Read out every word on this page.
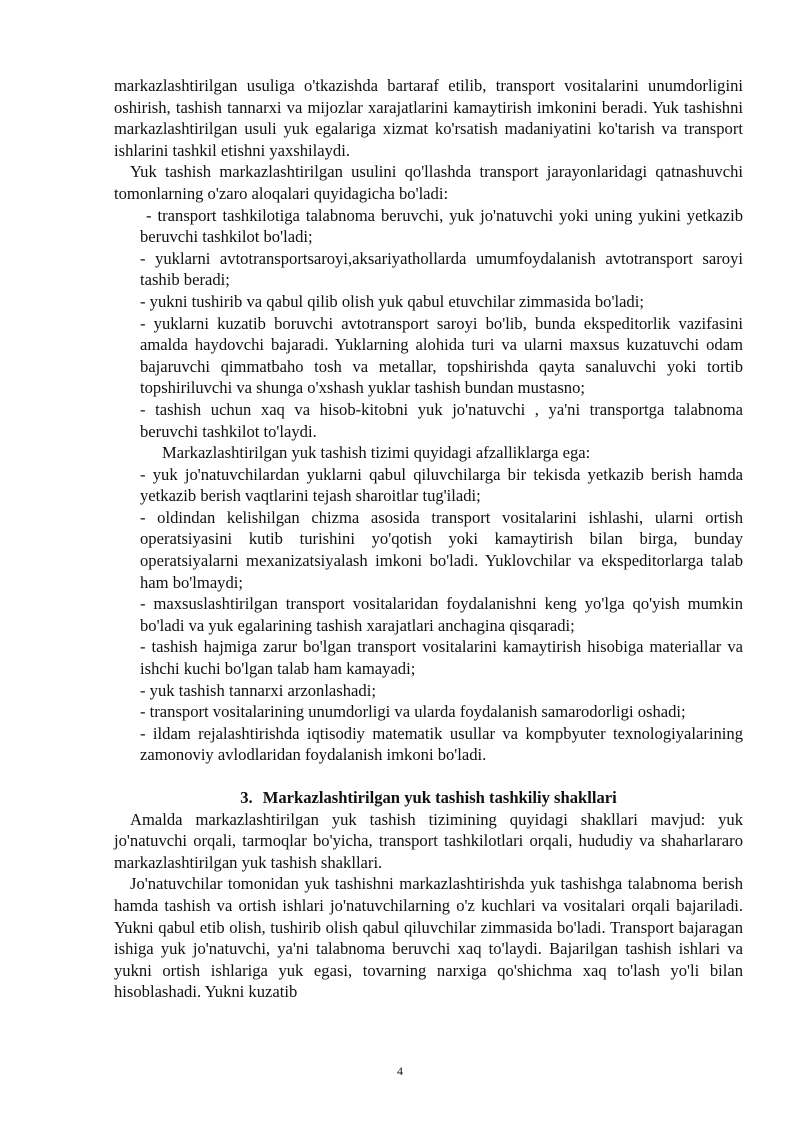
markazlashtirilgan usuliga o'tkazishda bartaraf etilib, transport vositalarini unumdorligini oshirish, tashish tannarxi va mijozlar xarajatlarini kamaytirish imkonini beradi. Yuk tashishni markazlashtirilgan usuli yuk egalariga xizmat ko'rsatish madaniyatini ko'tarish va transport ishlarini tashkil etishni yaxshilaydi.

Yuk tashish markazlashtirilgan usulini qo'llashda transport jarayonlaridagi qatnashuvchi tomonlarning o'zaro aloqalari quyidagicha bo'ladi:

- transport tashkilotiga talabnoma beruvchi, yuk jo'natuvchi yoki uning yukini yetkazib beruvchi tashkilot bo'ladi;

- yuklarni avtotransportsaroyi,aksariyathollarda umumfoydalanish avtotransport saroyi tashib beradi;

- yukni tushirib va qabul qilib olish yuk qabul etuvchilar zimmasida bo'ladi;

- yuklarni kuzatib boruvchi avtotransport saroyi bo'lib, bunda ekspeditorlik vazifasini amalda haydovchi bajaradi. Yuklarning alohida turi va ularni maxsus kuzatuvchi odam bajaruvchi qimmatbaho tosh va metallar, topshirishda qayta sanaluvchi yoki tortib topshiriluvchi va shunga o'xshash yuklar tashish bundan mustasno;

- tashish uchun xaq va hisob-kitobni yuk jo'natuvchi , ya'ni transportga talabnoma beruvchi tashkilot to'laydi.

Markazlashtirilgan yuk tashish tizimi quyidagi afzalliklarga ega:

- yuk jo'natuvchilardan yuklarni qabul qiluvchilarga bir tekisda yetkazib berish hamda yetkazib berish vaqtlarini tejash sharoitlar tug'iladi;

- oldindan kelishilgan chizma asosida transport vositalarini ishlashi, ularni ortish operatsiyasini kutib turishini yo'qotish yoki kamaytirish bilan birga, bunday operatsiyalarni mexanizatsiyalash imkoni bo'ladi. Yuklovchilar va ekspeditorlarga talab ham bo'lmaydi;

- maxsuslashtirilgan transport vositalaridan foydalanishni keng yo'lga qo'yish mumkin bo'ladi va yuk egalarining tashish xarajatlari anchagina qisqaradi;

- tashish hajmiga zarur bo'lgan transport vositalarini kamaytirish hisobiga materiallar va ishchi kuchi bo'lgan talab ham kamayadi;

- yuk tashish tannarxi arzonlashadi;

- transport vositalarining unumdorligi va ularda foydalanish samarodorligi oshadi;

- ildam rejalashtirishda iqtisodiy matematik usullar va kompbyuter texnologiyalarining zamonoviy avlodlaridan foydalanish imkoni bo'ladi.

3. Markazlashtirilgan yuk tashish tashkiliy shakllari

Amalda markazlashtirilgan yuk tashish tizimining quyidagi shakllari mavjud: yuk jo'natuvchi orqali, tarmoqlar bo'yicha, transport tashkilotlari orqali, hududiy va shaharlararo markazlashtirilgan yuk tashish shakllari.

Jo'natuvchilar tomonidan yuk tashishni markazlashtirishda yuk tashishga talabnoma berish hamda tashish va ortish ishlari jo'natuvchilarning o'z kuchlari va vositalari orqali bajariladi. Yukni qabul etib olish, tushirib olish qabul qiluvchilar zimmasida bo'ladi. Transport bajaragan ishiga yuk jo'natuvchi, ya'ni talabnoma beruvchi xaq to'laydi. Bajarilgan tashish ishlari va yukni ortish ishlariga yuk egasi, tovarning narxiga qo'shichma xaq to'lash yo'li bilan hisoblashadi. Yukni kuzatib

4
